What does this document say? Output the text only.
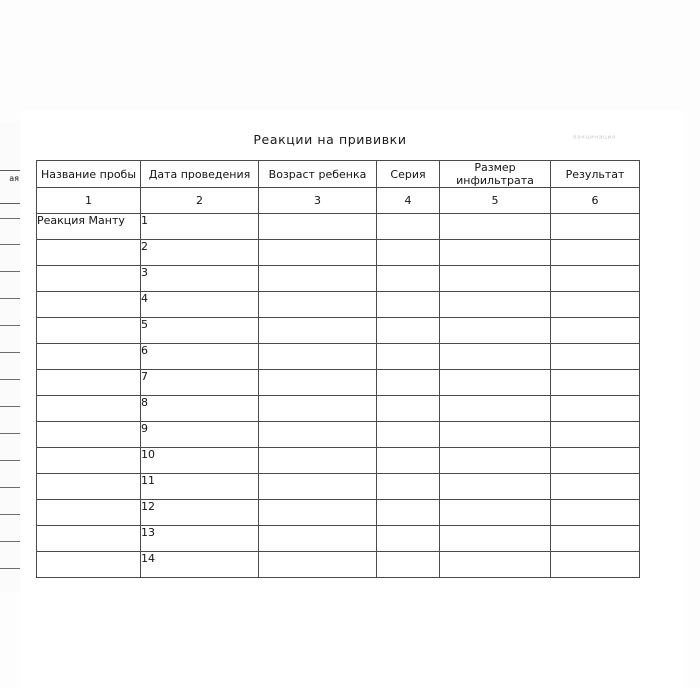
ая
вакцинация
Реакции на прививки
Название пробы	Дата проведения	Возраст ребенка	Серия	Размер инфильтрата	Результат
1	2	3	4	5	6
Реакция Манту	1				
	2				
	3				
	4				
	5				
	6				
	7				
	8				
	9				
	10				
	11				
	12				
	13				
	14				
